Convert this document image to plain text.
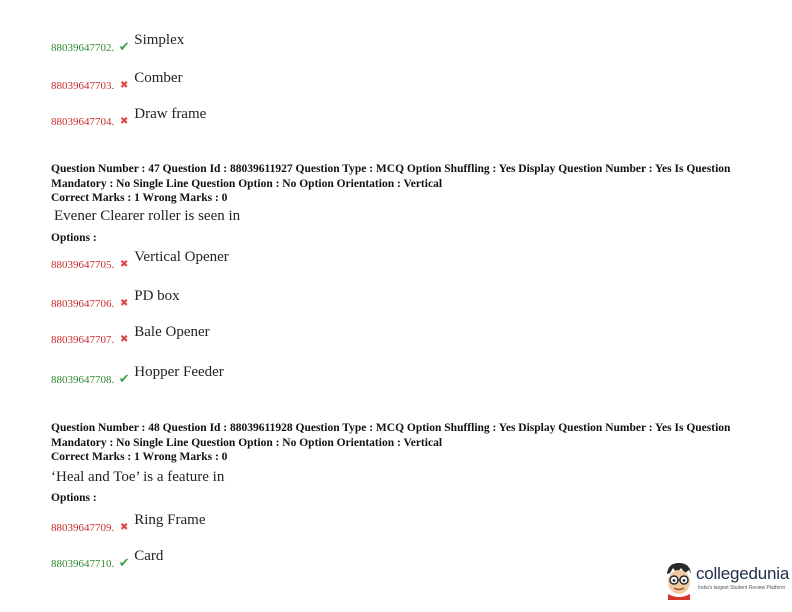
88039647702. ✔ Simplex
88039647703. ✖ Comber
88039647704. ✖ Draw frame
Question Number : 47 Question Id : 88039611927 Question Type : MCQ Option Shuffling : Yes Display Question Number : Yes Is Question Mandatory : No Single Line Question Option : No Option Orientation : Vertical
Correct Marks : 1 Wrong Marks : 0
Evener Clearer roller is seen in
Options :
88039647705. ✖ Vertical Opener
88039647706. ✖ PD box
88039647707. ✖ Bale Opener
88039647708. ✔ Hopper Feeder
Question Number : 48 Question Id : 88039611928 Question Type : MCQ Option Shuffling : Yes Display Question Number : Yes Is Question Mandatory : No Single Line Question Option : No Option Orientation : Vertical
Correct Marks : 1 Wrong Marks : 0
‘Heal and Toe’ is a feature in
Options :
88039647709. ✖ Ring Frame
88039647710. ✔ Card
collegedunia
India's largest Student Review Platform
